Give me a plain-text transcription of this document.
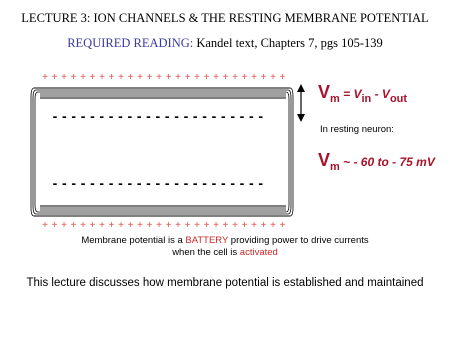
LECTURE 3: ION CHANNELS & THE RESTING MEMBRANE POTENTIAL
REQUIRED READING: Kandel text, Chapters 7, pgs 105-139
+ + + + + + + + + + + + + + + + + + + + + + + + + +
+ + + + + + + + + + + + + + + + + + + + + + + + + +
- - - - - - - - - - - - - - - - - - - - - - -
- - - - - - - - - - - - - - - - - - - - - - -
$V_m = V_{in} - V_{out}$
In resting neuron:
$V_m$ ~ - 60 to - 75 mV
Membrane potential is a BATTERY providing power to drive currents
when the cell is activated
This lecture discusses how membrane potential is established and maintained
